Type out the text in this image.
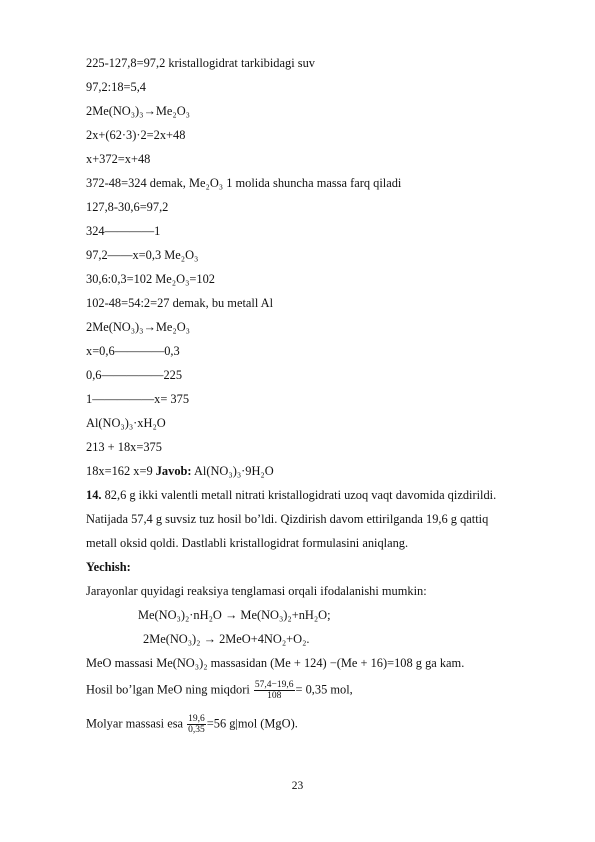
225-127,8=97,2 kristallogidrat tarkibidagi suv
97,2:18=5,4
2Me(NO₃)₃→Me₂O₃
2x+(62·3)·2=2x+48
x+372=x+48
372-48=324 demak, Me₂O₃ 1 molida shuncha massa farq qiladi
127,8-30,6=97,2
324————1
97,2——x=0,3 Me₂O₃
30,6:0,3=102 Me₂O₃=102
102-48=54:2=27 demak, bu metall Al
2Me(NO₃)₃→Me₂O₃
x=0,6————0,3
0,6—————225
1—————x= 375
Al(NO₃)₃·xH₂O
213 + 18x=375
18x=162 x=9 Javob: Al(NO₃)₃·9H₂O
14. 82,6 g ikki valentli metall nitrati kristallogidrati uzoq vaqt davomida qizdirildi.
Natijada 57,4 g suvsiz tuz hosil bo’ldi. Qizdirish davom ettirilganda 19,6 g qattiq
metall oksid qoldi. Dastlabli kristallogidrat formulasini aniqlang.
Yechish:
Jarayonlar quyidagi reaksiya tenglamasi orqali ifodalanishi mumkin:
Me(NO₃)₂·nH₂O → Me(NO₃)₂+nH₂O;
2Me(NO₃)₂ → 2MeO+4NO₂+O₂.
MeO massasi Me(NO₃)₂ massasidan (Me + 124) −(Me + 16)=108 g ga kam.
Hosil bo’lgan MeO ning miqdori $\frac{57,4-19,6}{108} = 0,35$ mol,
Molyar massasi esa $\frac{19,6}{0,35} =56$ g|mol (MgO).
23
